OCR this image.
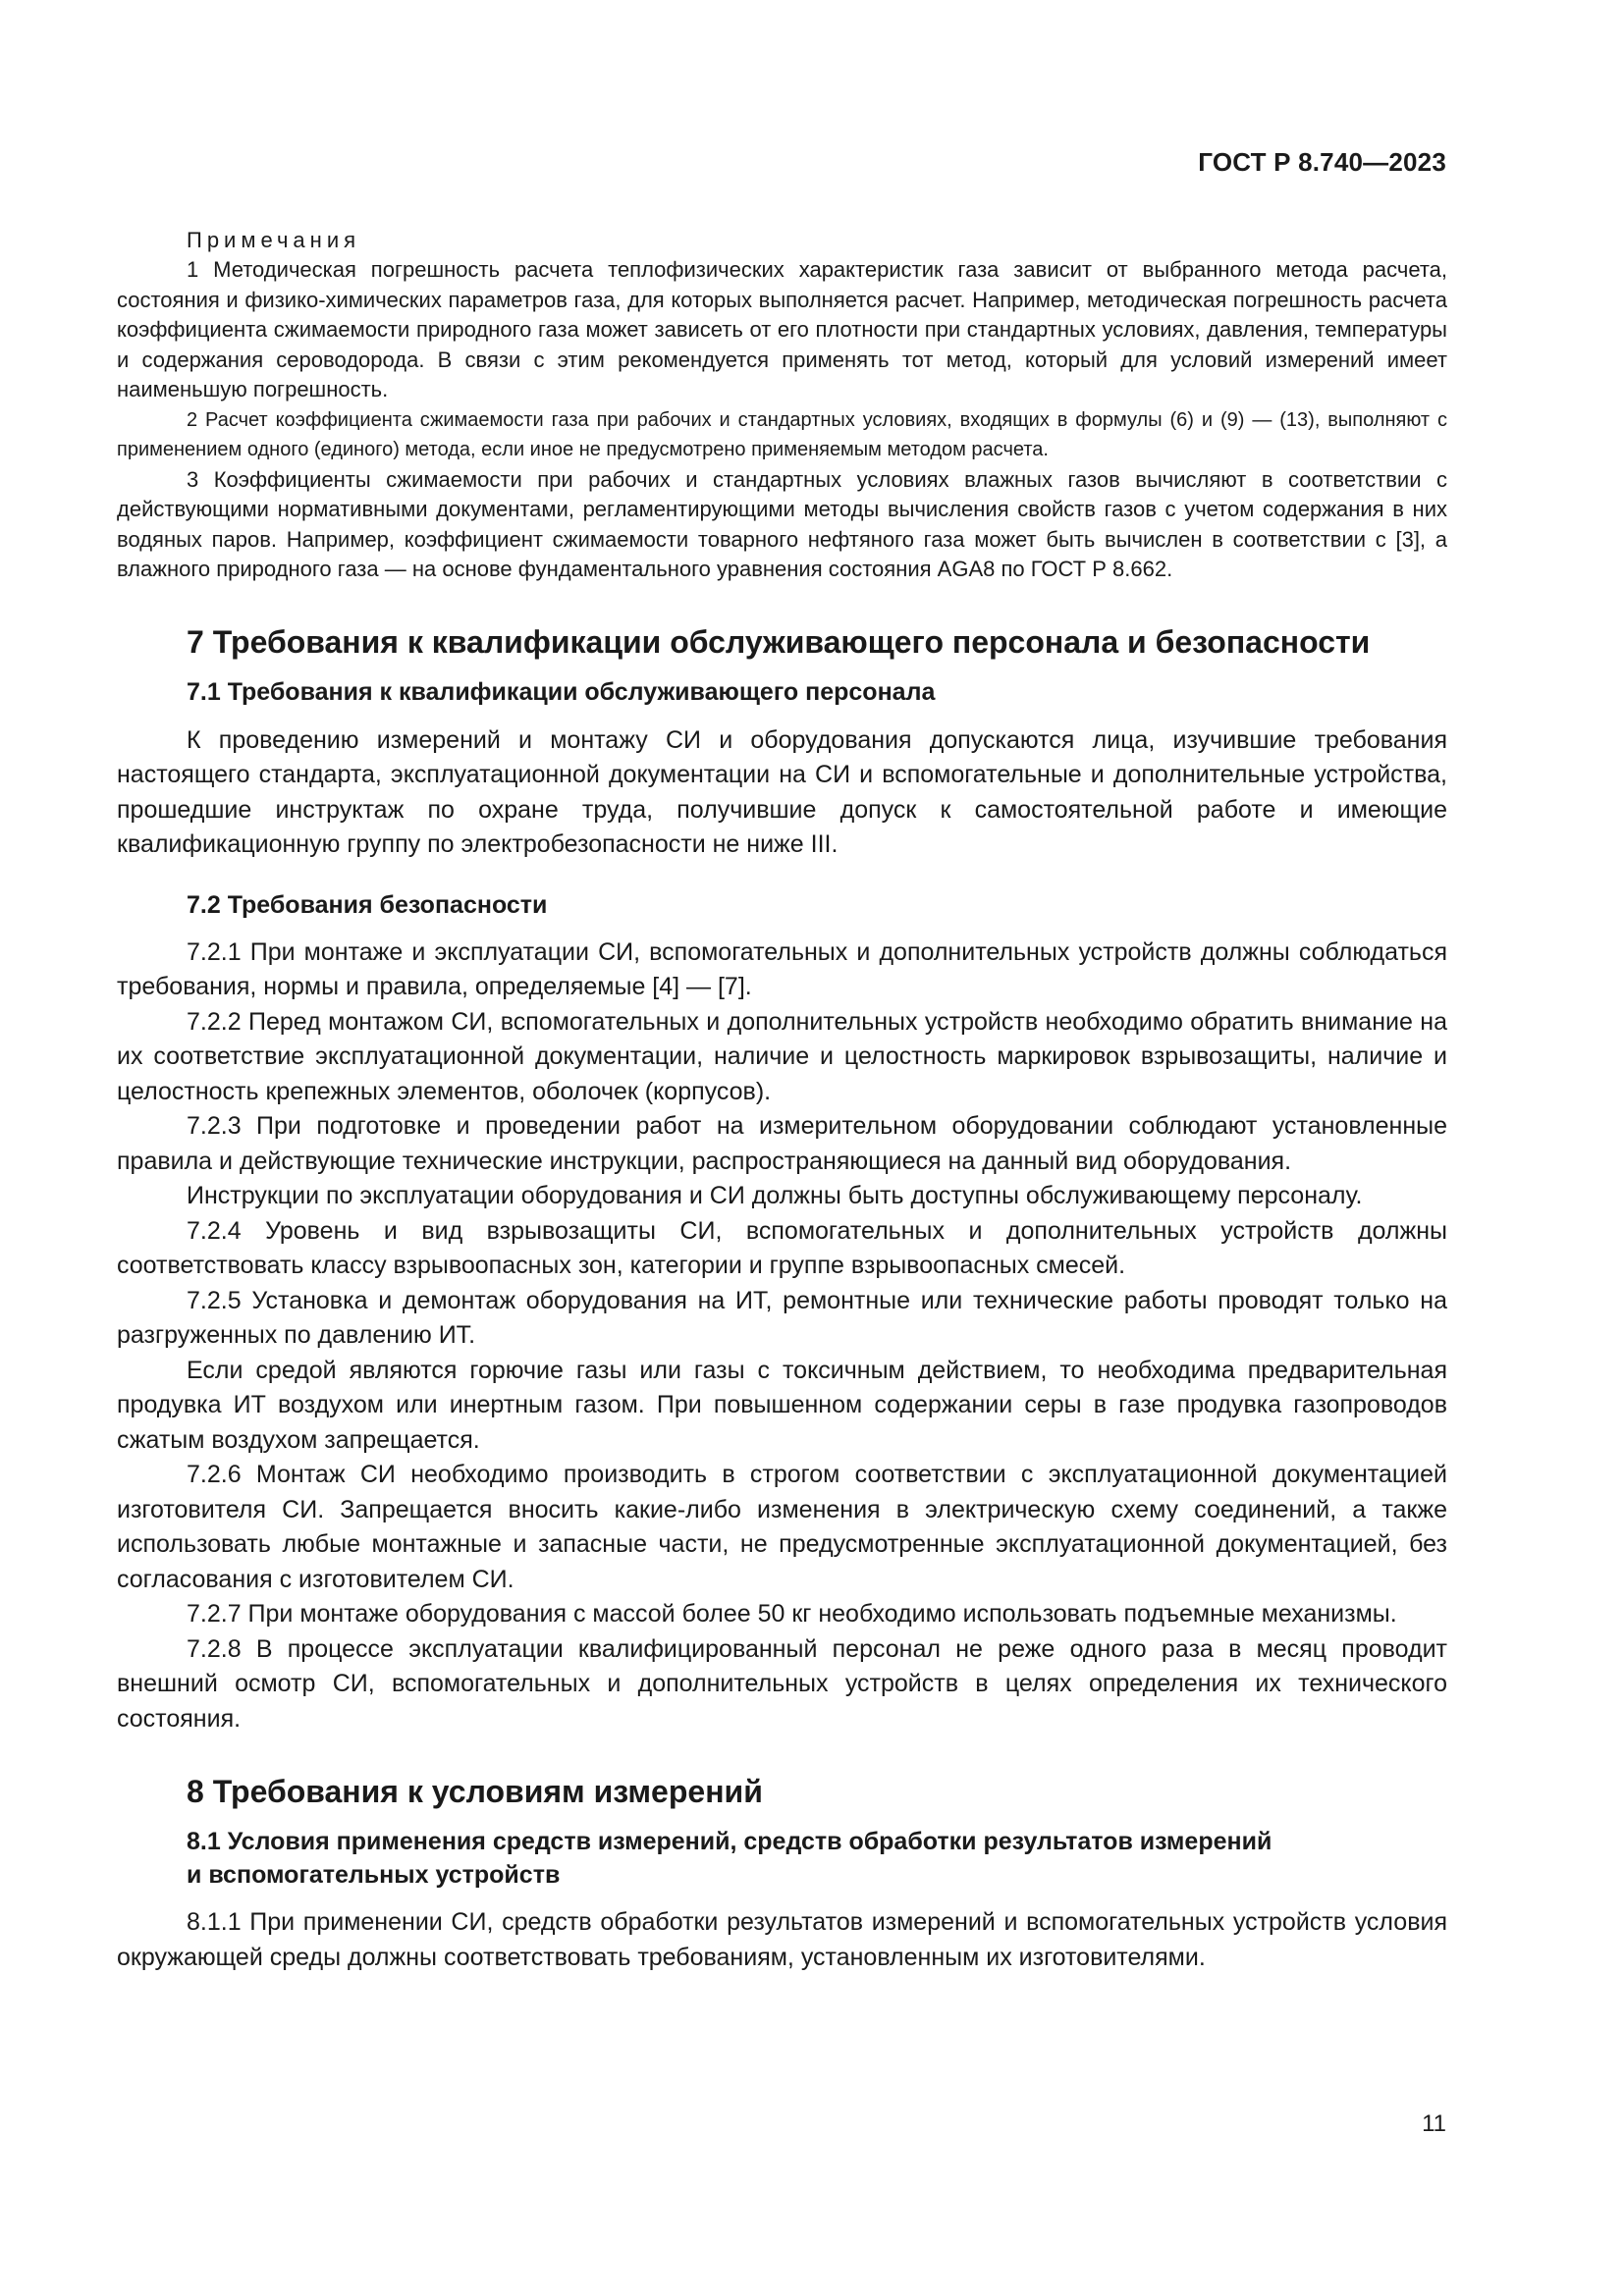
ГОСТ Р 8.740—2023

Примечания

1 Методическая погрешность расчета теплофизических характеристик газа зависит от выбранного метода расчета, состояния и физико-химических параметров газа, для которых выполняется расчет. Например, методическая погрешность расчета коэффициента сжимаемости природного газа может зависеть от его плотности при стандартных условиях, давления, температуры и содержания сероводорода. В связи с этим рекомендуется применять тот метод, который для условий измерений имеет наименьшую погрешность.

2 Расчет коэффициента сжимаемости газа при рабочих и стандартных условиях, входящих в формулы (6) и (9) — (13), выполняют с применением одного (единого) метода, если иное не предусмотрено применяемым методом расчета.

3 Коэффициенты сжимаемости при рабочих и стандартных условиях влажных газов вычисляют в соответствии с действующими нормативными документами, регламентирующими методы вычисления свойств газов с учетом содержания в них водяных паров. Например, коэффициент сжимаемости товарного нефтяного газа может быть вычислен в соответствии с [3], а влажного природного газа — на основе фундаментального уравнения состояния AGA8 по ГОСТ Р 8.662.

7 Требования к квалификации обслуживающего персонала и безопасности
7.1 Требования к квалификации обслуживающего персонала

К проведению измерений и монтажу СИ и оборудования допускаются лица, изучившие требования настоящего стандарта, эксплуатационной документации на СИ и вспомогательные и дополнительные устройства, прошедшие инструктаж по охране труда, получившие допуск к самостоятельной работе и имеющие квалификационную группу по электробезопасности не ниже III.

7.2 Требования безопасности

7.2.1 При монтаже и эксплуатации СИ, вспомогательных и дополнительных устройств должны соблюдаться требования, нормы и правила, определяемые [4] — [7].

7.2.2 Перед монтажом СИ, вспомогательных и дополнительных устройств необходимо обратить внимание на их соответствие эксплуатационной документации, наличие и целостность маркировок взрывозащиты, наличие и целостность крепежных элементов, оболочек (корпусов).

7.2.3 При подготовке и проведении работ на измерительном оборудовании соблюдают установленные правила и действующие технические инструкции, распространяющиеся на данный вид оборудования.

Инструкции по эксплуатации оборудования и СИ должны быть доступны обслуживающему персоналу.

7.2.4 Уровень и вид взрывозащиты СИ, вспомогательных и дополнительных устройств должны соответствовать классу взрывоопасных зон, категории и группе взрывоопасных смесей.

7.2.5 Установка и демонтаж оборудования на ИТ, ремонтные или технические работы проводят только на разгруженных по давлению ИТ.

Если средой являются горючие газы или газы с токсичным действием, то необходима предварительная продувка ИТ воздухом или инертным газом. При повышенном содержании серы в газе продувка газопроводов сжатым воздухом запрещается.

7.2.6 Монтаж СИ необходимо производить в строгом соответствии с эксплуатационной документацией изготовителя СИ. Запрещается вносить какие-либо изменения в электрическую схему соединений, а также использовать любые монтажные и запасные части, не предусмотренные эксплуатационной документацией, без согласования с изготовителем СИ.

7.2.7 При монтаже оборудования с массой более 50 кг необходимо использовать подъемные механизмы.

7.2.8 В процессе эксплуатации квалифицированный персонал не реже одного раза в месяц проводит внешний осмотр СИ, вспомогательных и дополнительных устройств в целях определения их технического состояния.

8 Требования к условиям измерений
8.1 Условия применения средств измерений, средств обработки результатов измерений
и вспомогательных устройств

8.1.1 При применении СИ, средств обработки результатов измерений и вспомогательных устройств условия окружающей среды должны соответствовать требованиям, установленным их изготовителями.

11
